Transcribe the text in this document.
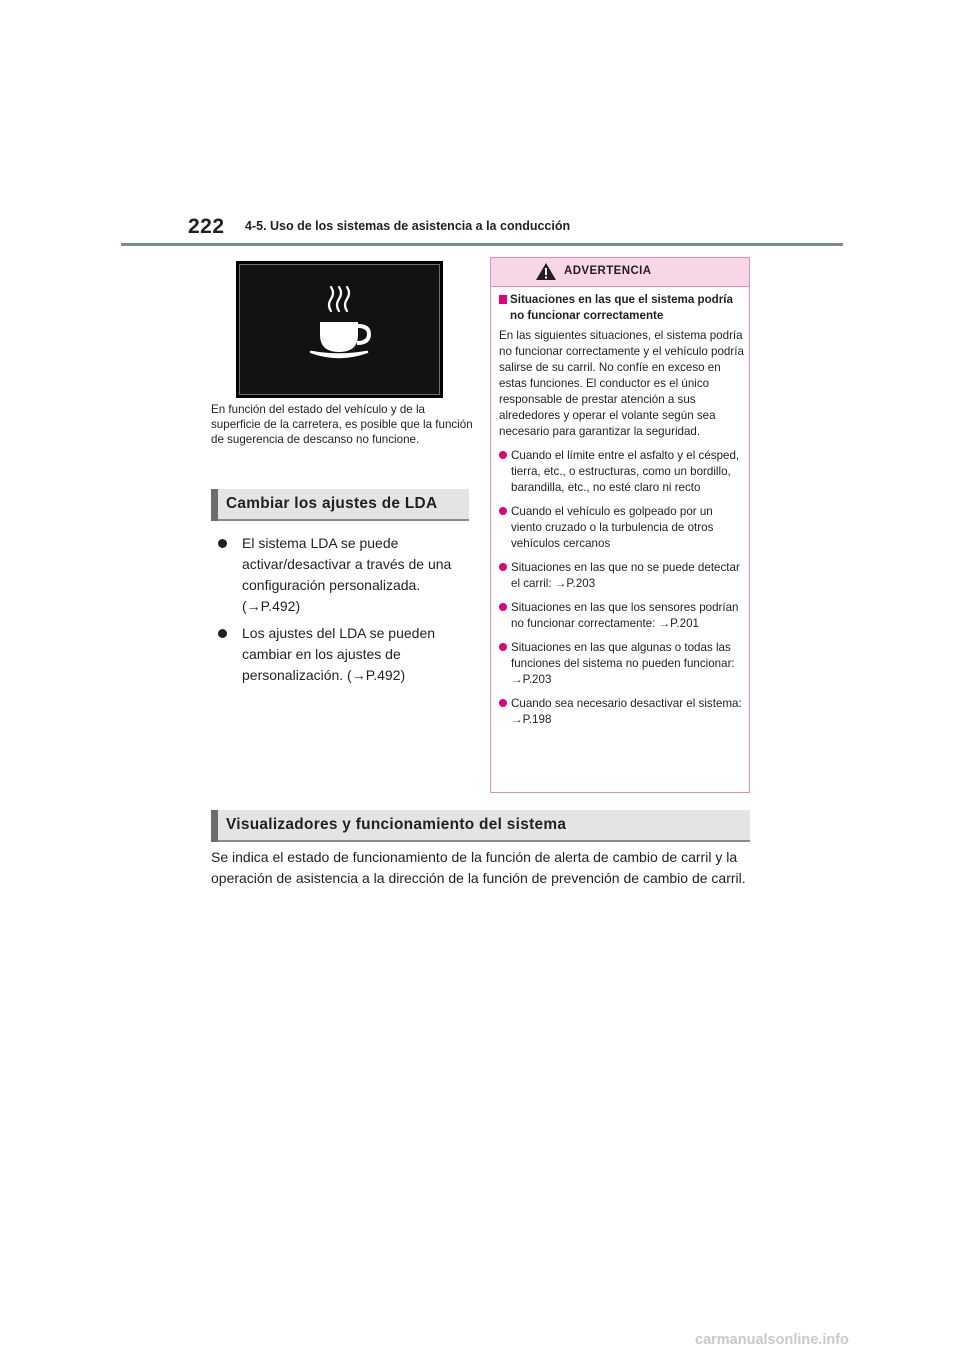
222 4-5. Uso de los sistemas de asistencia a la conducción
En función del estado del vehículo y de la superficie de la carretera, es posible que la función de sugerencia de descanso no funcione.
Cambiar los ajustes de LDA
El sistema LDA se puede activar/desactivar a través de una configuración personalizada. (→P.492)
Los ajustes del LDA se pueden cambiar en los ajustes de personalización. (→P.492)
ADVERTENCIA
Situaciones en las que el sistema podría no funcionar correctamente
En las siguientes situaciones, el sistema podría no funcionar correctamente y el vehículo podría salirse de su carril. No confíe en exceso en estas funciones. El conductor es el único responsable de prestar atención a sus alrededores y operar el volante según sea necesario para garantizar la seguridad.
Cuando el límite entre el asfalto y el césped, tierra, etc., o estructuras, como un bordillo, barandilla, etc., no esté claro ni recto
Cuando el vehículo es golpeado por un viento cruzado o la turbulencia de otros vehículos cercanos
Situaciones en las que no se puede detectar el carril: →P.203
Situaciones en las que los sensores podrían no funcionar correctamente: →P.201
Situaciones en las que algunas o todas las funciones del sistema no pueden funcionar: →P.203
Cuando sea necesario desactivar el sistema: →P.198
Visualizadores y funcionamiento del sistema
Se indica el estado de funcionamiento de la función de alerta de cambio de carril y la operación de asistencia a la dirección de la función de prevención de cambio de carril.
carmanualsonline.info
